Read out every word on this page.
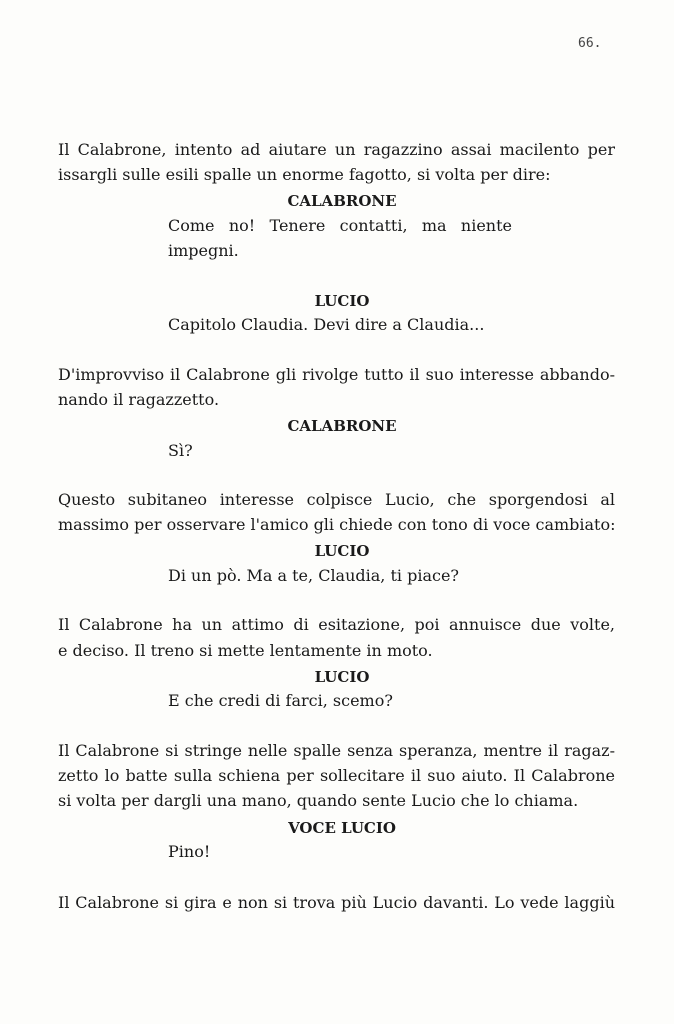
66.
Il Calabrone, intento ad aiutare un ragazzino assai macilento per
issargli sulle esili spalle un enorme fagotto, si volta per dire:
CALABRONE
Come no! Tenere contatti, ma niente
impegni.
LUCIO
Capitolo Claudia. Devi dire a Claudia...
D'improvviso il Calabrone gli rivolge tutto il suo interesse abbando-
nando il ragazzetto.
CALABRONE
Sì?
Questo subitaneo interesse colpisce Lucio, che sporgendosi al
massimo per osservare l'amico gli chiede con tono di voce cambiato:
LUCIO
Di un pò. Ma a te, Claudia, ti piace?
Il Calabrone ha un attimo di esitazione, poi annuisce due volte,
e deciso. Il treno si mette lentamente in moto.
LUCIO
E che credi di farci, scemo?
Il Calabrone si stringe nelle spalle senza speranza, mentre il ragaz-
zetto lo batte sulla schiena per sollecitare il suo aiuto. Il Calabrone
si volta per dargli una mano, quando sente Lucio che lo chiama.
VOCE LUCIO
Pino!
Il Calabrone si gira e non si trova più Lucio davanti. Lo vede laggiù
